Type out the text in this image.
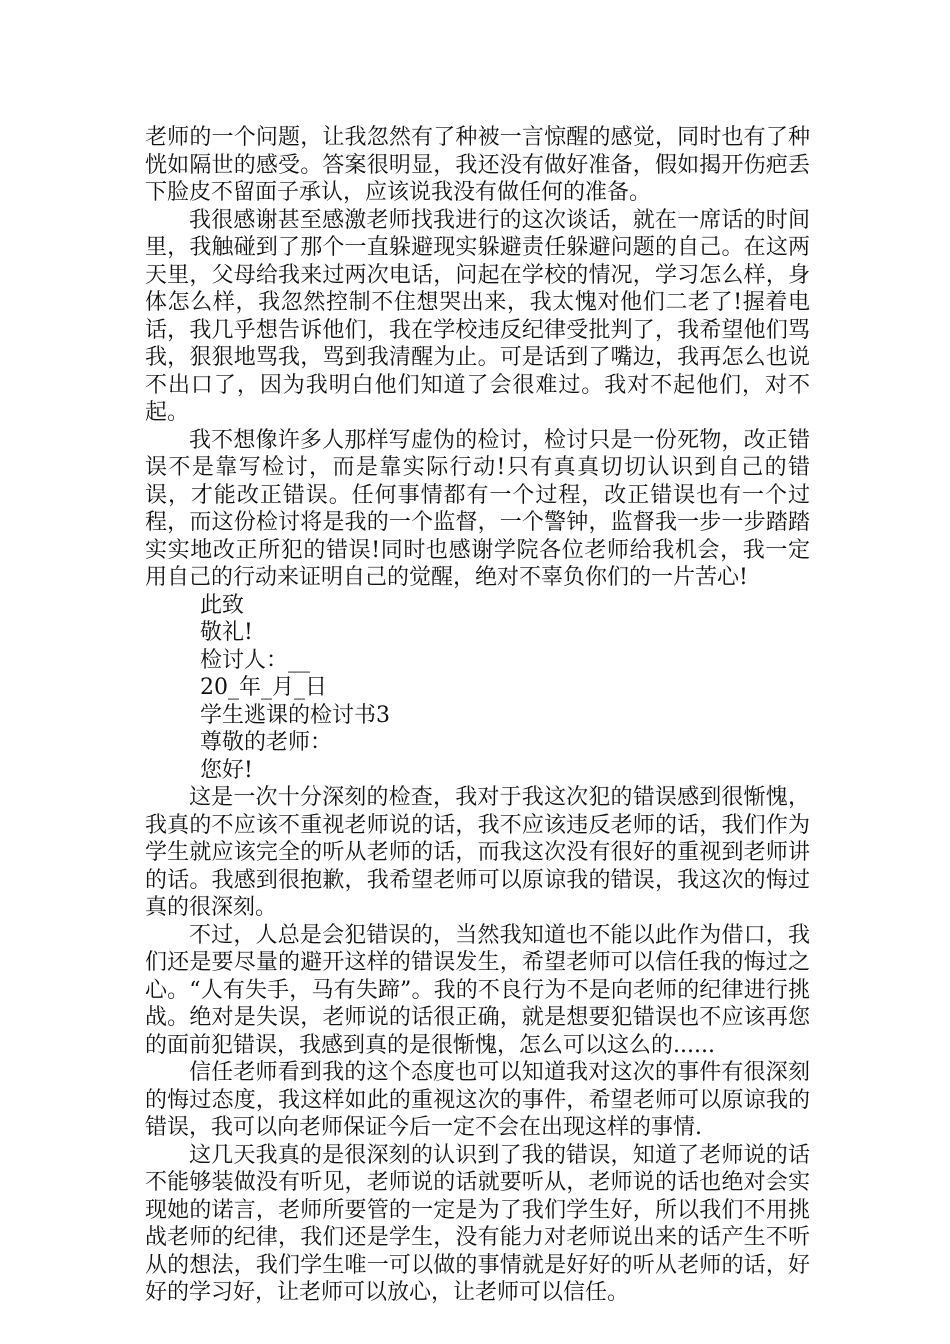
老师的一个问题，让我忽然有了种被一言惊醒的感觉，同时也有了种恍如隔世的感受。答案很明显，我还没有做好准备，假如揭开伤疤丢下脸皮不留面子承认，应该说我没有做任何的准备。

我很感谢甚至感激老师找我进行的这次谈话，就在一席话的时间里，我触碰到了那个一直躲避现实躲避责任躲避问题的自己。在这两天里，父母给我来过两次电话，问起在学校的情况，学习怎么样，身体怎么样，我忽然控制不住想哭出来，我太愧对他们二老了!握着电话，我几乎想告诉他们，我在学校违反纪律受批判了，我希望他们骂我，狠狠地骂我，骂到我清醒为止。可是话到了嘴边，我再怎么也说不出口了，因为我明白他们知道了会很难过。我对不起他们，对不起。

我不想像许多人那样写虚伪的检讨，检讨只是一份死物，改正错误不是靠写检讨，而是靠实际行动!只有真真切切认识到自己的错误，才能改正错误。任何事情都有一个过程，改正错误也有一个过程，而这份检讨将是我的一个监督，一个警钟，监督我一步一步踏踏实实地改正所犯的错误!同时也感谢学院各位老师给我机会，我一定用自己的行动来证明自己的觉醒，绝对不辜负你们的一片苦心!

此致

敬礼!

检讨人：__

20_年_月_日

学生逃课的检讨书3

尊敬的老师：

您好!

这是一次十分深刻的检查，我对于我这次犯的错误感到很惭愧，我真的不应该不重视老师说的话，我不应该违反老师的话，我们作为学生就应该完全的听从老师的话，而我这次没有很好的重视到老师讲的话。我感到很抱歉，我希望老师可以原谅我的错误，我这次的悔过真的很深刻。

不过，人总是会犯错误的，当然我知道也不能以此作为借口，我们还是要尽量的避开这样的错误发生，希望老师可以信任我的悔过之心。“人有失手，马有失蹄”。我的不良行为不是向老师的纪律进行挑战。绝对是失误，老师说的话很正确，就是想要犯错误也不应该再您的面前犯错误，我感到真的是很惭愧，怎么可以这么的......

信任老师看到我的这个态度也可以知道我对这次的事件有很深刻的悔过态度，我这样如此的重视这次的事件，希望老师可以原谅我的错误，我可以向老师保证今后一定不会在出现这样的事情.

这几天我真的是很深刻的认识到了我的错误，知道了老师说的话不能够装做没有听见，老师说的话就要听从，老师说的话也绝对会实现她的诺言，老师所要管的一定是为了我们学生好，所以我们不用挑战老师的纪律，我们还是学生，没有能力对老师说出来的话产生不听从的想法，我们学生唯一可以做的事情就是好好的听从老师的话，好好的学习好，让老师可以放心，让老师可以信任。
